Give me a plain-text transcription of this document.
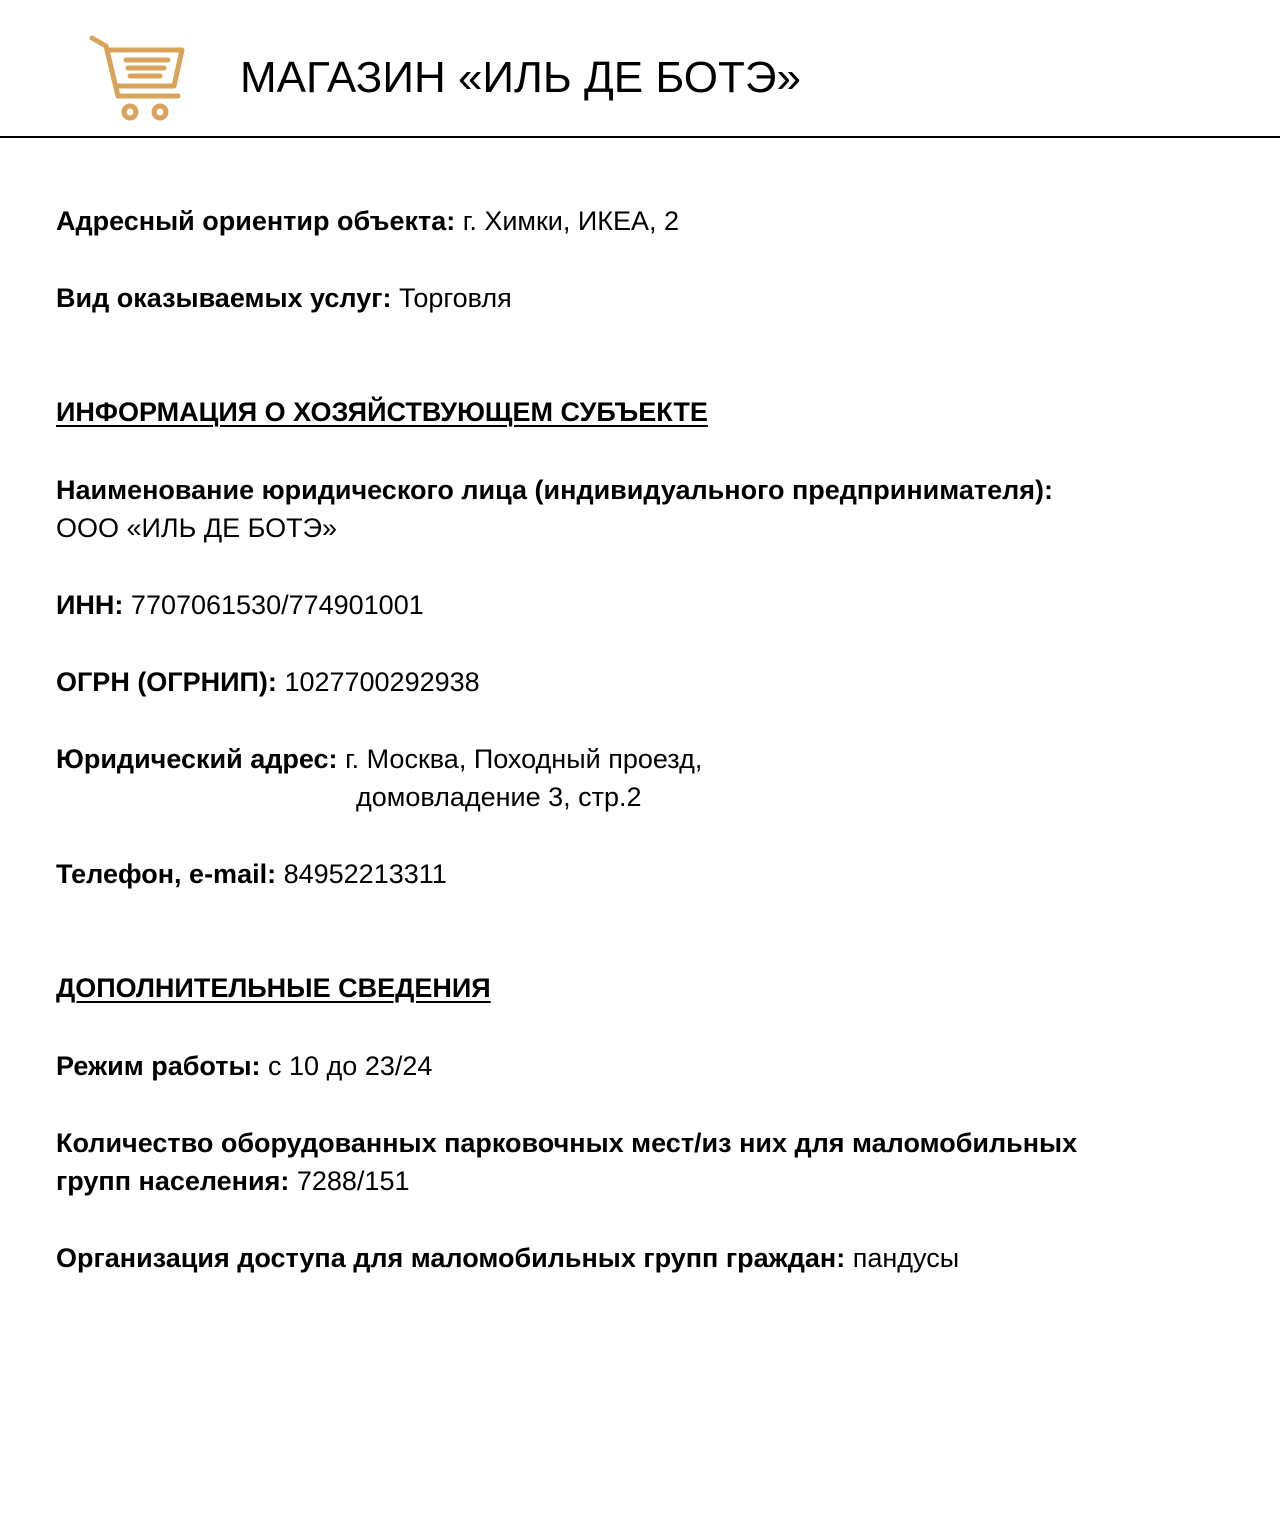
МАГАЗИН «ИЛЬ ДЕ БОТЭ»
Адресный ориентир объекта: г. Химки, ИКЕА, 2
Вид оказываемых услуг: Торговля
ИНФОРМАЦИЯ О ХОЗЯЙСТВУЮЩЕМ СУБЪЕКТЕ
Наименование юридического лица (индивидуального предпринимателя):
ООО «ИЛЬ ДЕ БОТЭ»
ИНН: 7707061530/774901001
ОГРН (ОГРНИП): 1027700292938
Юридический адрес: г. Москва, Походный проезд,
домовладение 3, стр.2
Телефон, e-mail: 84952213311
ДОПОЛНИТЕЛЬНЫЕ СВЕДЕНИЯ
Режим работы: с 10 до 23/24
Количество оборудованных парковочных мест/из них для маломобильных
групп населения: 7288/151
Организация доступа для маломобильных групп граждан: пандусы
